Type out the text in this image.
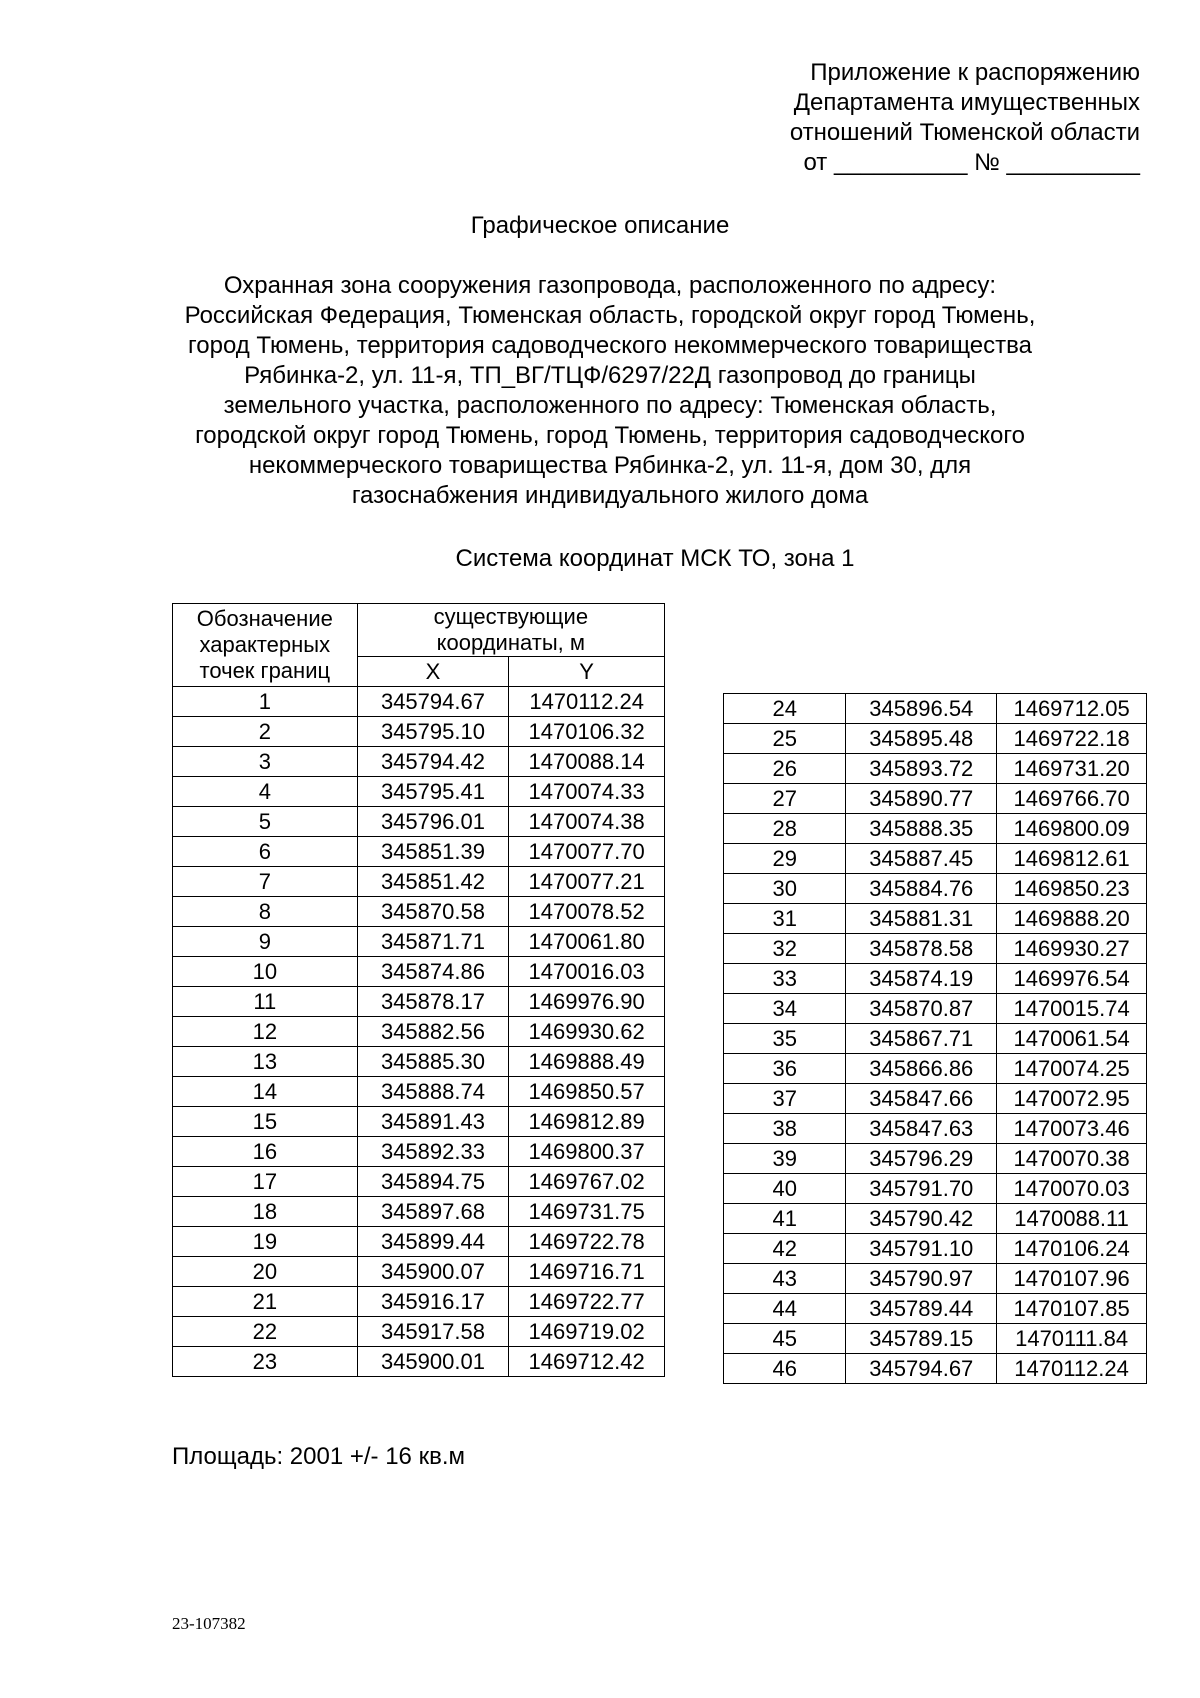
Приложение к распоряжению
Департамента имущественных
отношений Тюменской области
от __________ № __________
Графическое описание
Охранная зона сооружения газопровода, расположенного по адресу:
Российская Федерация, Тюменская область, городской округ город Тюмень,
город Тюмень, территория садоводческого некоммерческого товарищества
Рябинка-2, ул. 11-я, ТП_ВГ/ТЦФ/6297/22Д газопровод до границы
земельного участка, расположенного по адресу: Тюменская область,
городской округ город Тюмень, город Тюмень, территория садоводческого
некоммерческого товарищества Рябинка-2, ул. 11-я, дом 30, для
газоснабжения индивидуального жилого дома
Система координат МСК ТО, зона 1
Обозначение
характерных
точек границ	существующие
координаты, м	
	X	Y
1	345794.67	1470112.24
2	345795.10	1470106.32
3	345794.42	1470088.14
4	345795.41	1470074.33
5	345796.01	1470074.38
6	345851.39	1470077.70
7	345851.42	1470077.21
8	345870.58	1470078.52
9	345871.71	1470061.80
10	345874.86	1470016.03
11	345878.17	1469976.90
12	345882.56	1469930.62
13	345885.30	1469888.49
14	345888.74	1469850.57
15	345891.43	1469812.89
16	345892.33	1469800.37
17	345894.75	1469767.02
18	345897.68	1469731.75
19	345899.44	1469722.78
20	345900.07	1469716.71
21	345916.17	1469722.77
22	345917.58	1469719.02
23	345900.01	1469712.42
24	345896.54	1469712.05
25	345895.48	1469722.18
26	345893.72	1469731.20
27	345890.77	1469766.70
28	345888.35	1469800.09
29	345887.45	1469812.61
30	345884.76	1469850.23
31	345881.31	1469888.20
32	345878.58	1469930.27
33	345874.19	1469976.54
34	345870.87	1470015.74
35	345867.71	1470061.54
36	345866.86	1470074.25
37	345847.66	1470072.95
38	345847.63	1470073.46
39	345796.29	1470070.38
40	345791.70	1470070.03
41	345790.42	1470088.11
42	345791.10	1470106.24
43	345790.97	1470107.96
44	345789.44	1470107.85
45	345789.15	1470111.84
46	345794.67	1470112.24
Площадь: 2001 +/- 16 кв.м
23-107382
